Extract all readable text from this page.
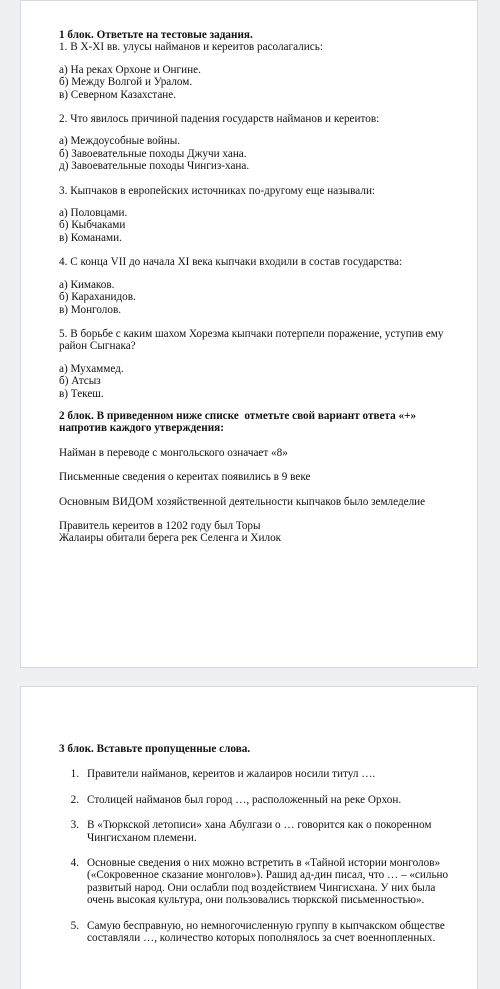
1 блок. Ответьте на тестовые задания.
1. В X-XI вв. улусы найманов и кереитов расолагались:
а) На реках Орхоне и Онгине.
б) Между Волгой и Уралом.
в) Северном Казахстане.
2. Что явилось причиной падения государств найманов и кереитов:
а) Междоусобные войны.
б) Завоевательные походы Джучи хана.
д) Завоевательные походы Чингиз-хана.
3. Кыпчаков в европейских источниках по-другому еще называли:
а) Половцами.
б) Кыбчаками
в) Команами.
4. С конца VII до начала XI века кыпчаки входили в состав государства:
а) Кимаков.
б) Караханидов.
в) Монголов.
5. В борьбе с каким шахом Хорезма кыпчаки потерпели поражение, уступив ему район Сыгнака?
а) Мухаммед.
б) Атсыз
в) Текеш.
2 блок. В приведенном ниже списке  отметьте свой вариант ответа «+» напротив каждого утверждения:
Найман в переводе с монгольского означает «8»
Письменные сведения о кереитах появились в 9 веке
Основным ВИДОМ хозяйственной деятельности кыпчаков было земледелие
Правитель кереитов в 1202 году был Торы
Жалаиры обитали берега рек Селенга и Хилок
3 блок. Вставьте пропущенные слова.
1. Правители найманов, кереитов и жалаиров носили титул ….
2. Столицей найманов был город …, расположенный на реке Орхон.
3. В «Тюркской летописи» хана Абулгази о … говорится как о покоренном Чингисханом племени.
4. Основные сведения о них можно встретить в «Тайной истории монголов» («Сокровенное сказание монголов»). Рашид ад-дин писал, что … – «сильно развитый народ. Они ослабли под воздействием Чингисхана. У них была очень высокая культура, они пользовались тюркской письменностью».
5. Самую бесправную, но немногочисленную группу в кыпчакском обществе составляли …, количество которых пополнялось за счет военнопленных.
